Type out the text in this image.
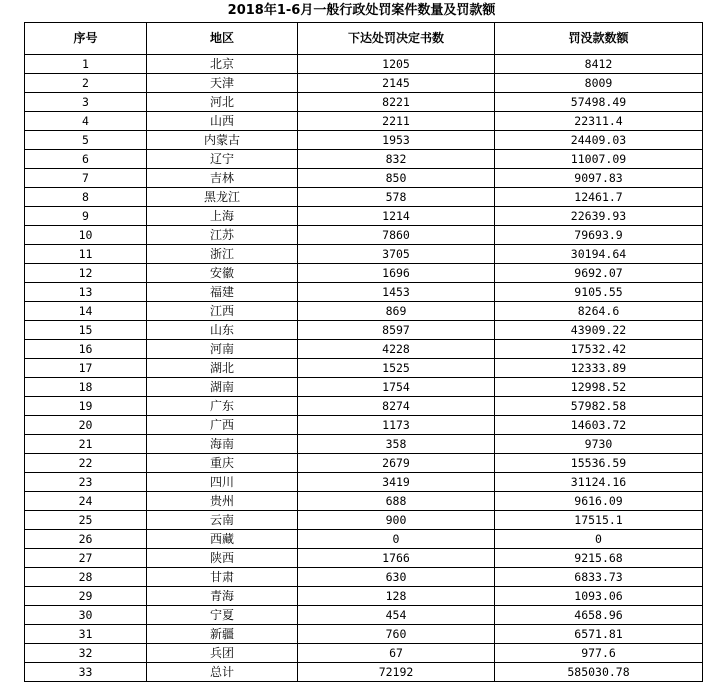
2018年1-6月一般行政处罚案件数量及罚款额
序号	地区	下达处罚决定书数	罚没款数额
1	北京	1205	8412
2	天津	2145	8009
3	河北	8221	57498.49
4	山西	2211	22311.4
5	内蒙古	1953	24409.03
6	辽宁	832	11007.09
7	吉林	850	9097.83
8	黑龙江	578	12461.7
9	上海	1214	22639.93
10	江苏	7860	79693.9
11	浙江	3705	30194.64
12	安徽	1696	9692.07
13	福建	1453	9105.55
14	江西	869	8264.6
15	山东	8597	43909.22
16	河南	4228	17532.42
17	湖北	1525	12333.89
18	湖南	1754	12998.52
19	广东	8274	57982.58
20	广西	1173	14603.72
21	海南	358	9730
22	重庆	2679	15536.59
23	四川	3419	31124.16
24	贵州	688	9616.09
25	云南	900	17515.1
26	西藏	0	0
27	陕西	1766	9215.68
28	甘肃	630	6833.73
29	青海	128	1093.06
30	宁夏	454	4658.96
31	新疆	760	6571.81
32	兵团	67	977.6
33	总计	72192	585030.78
